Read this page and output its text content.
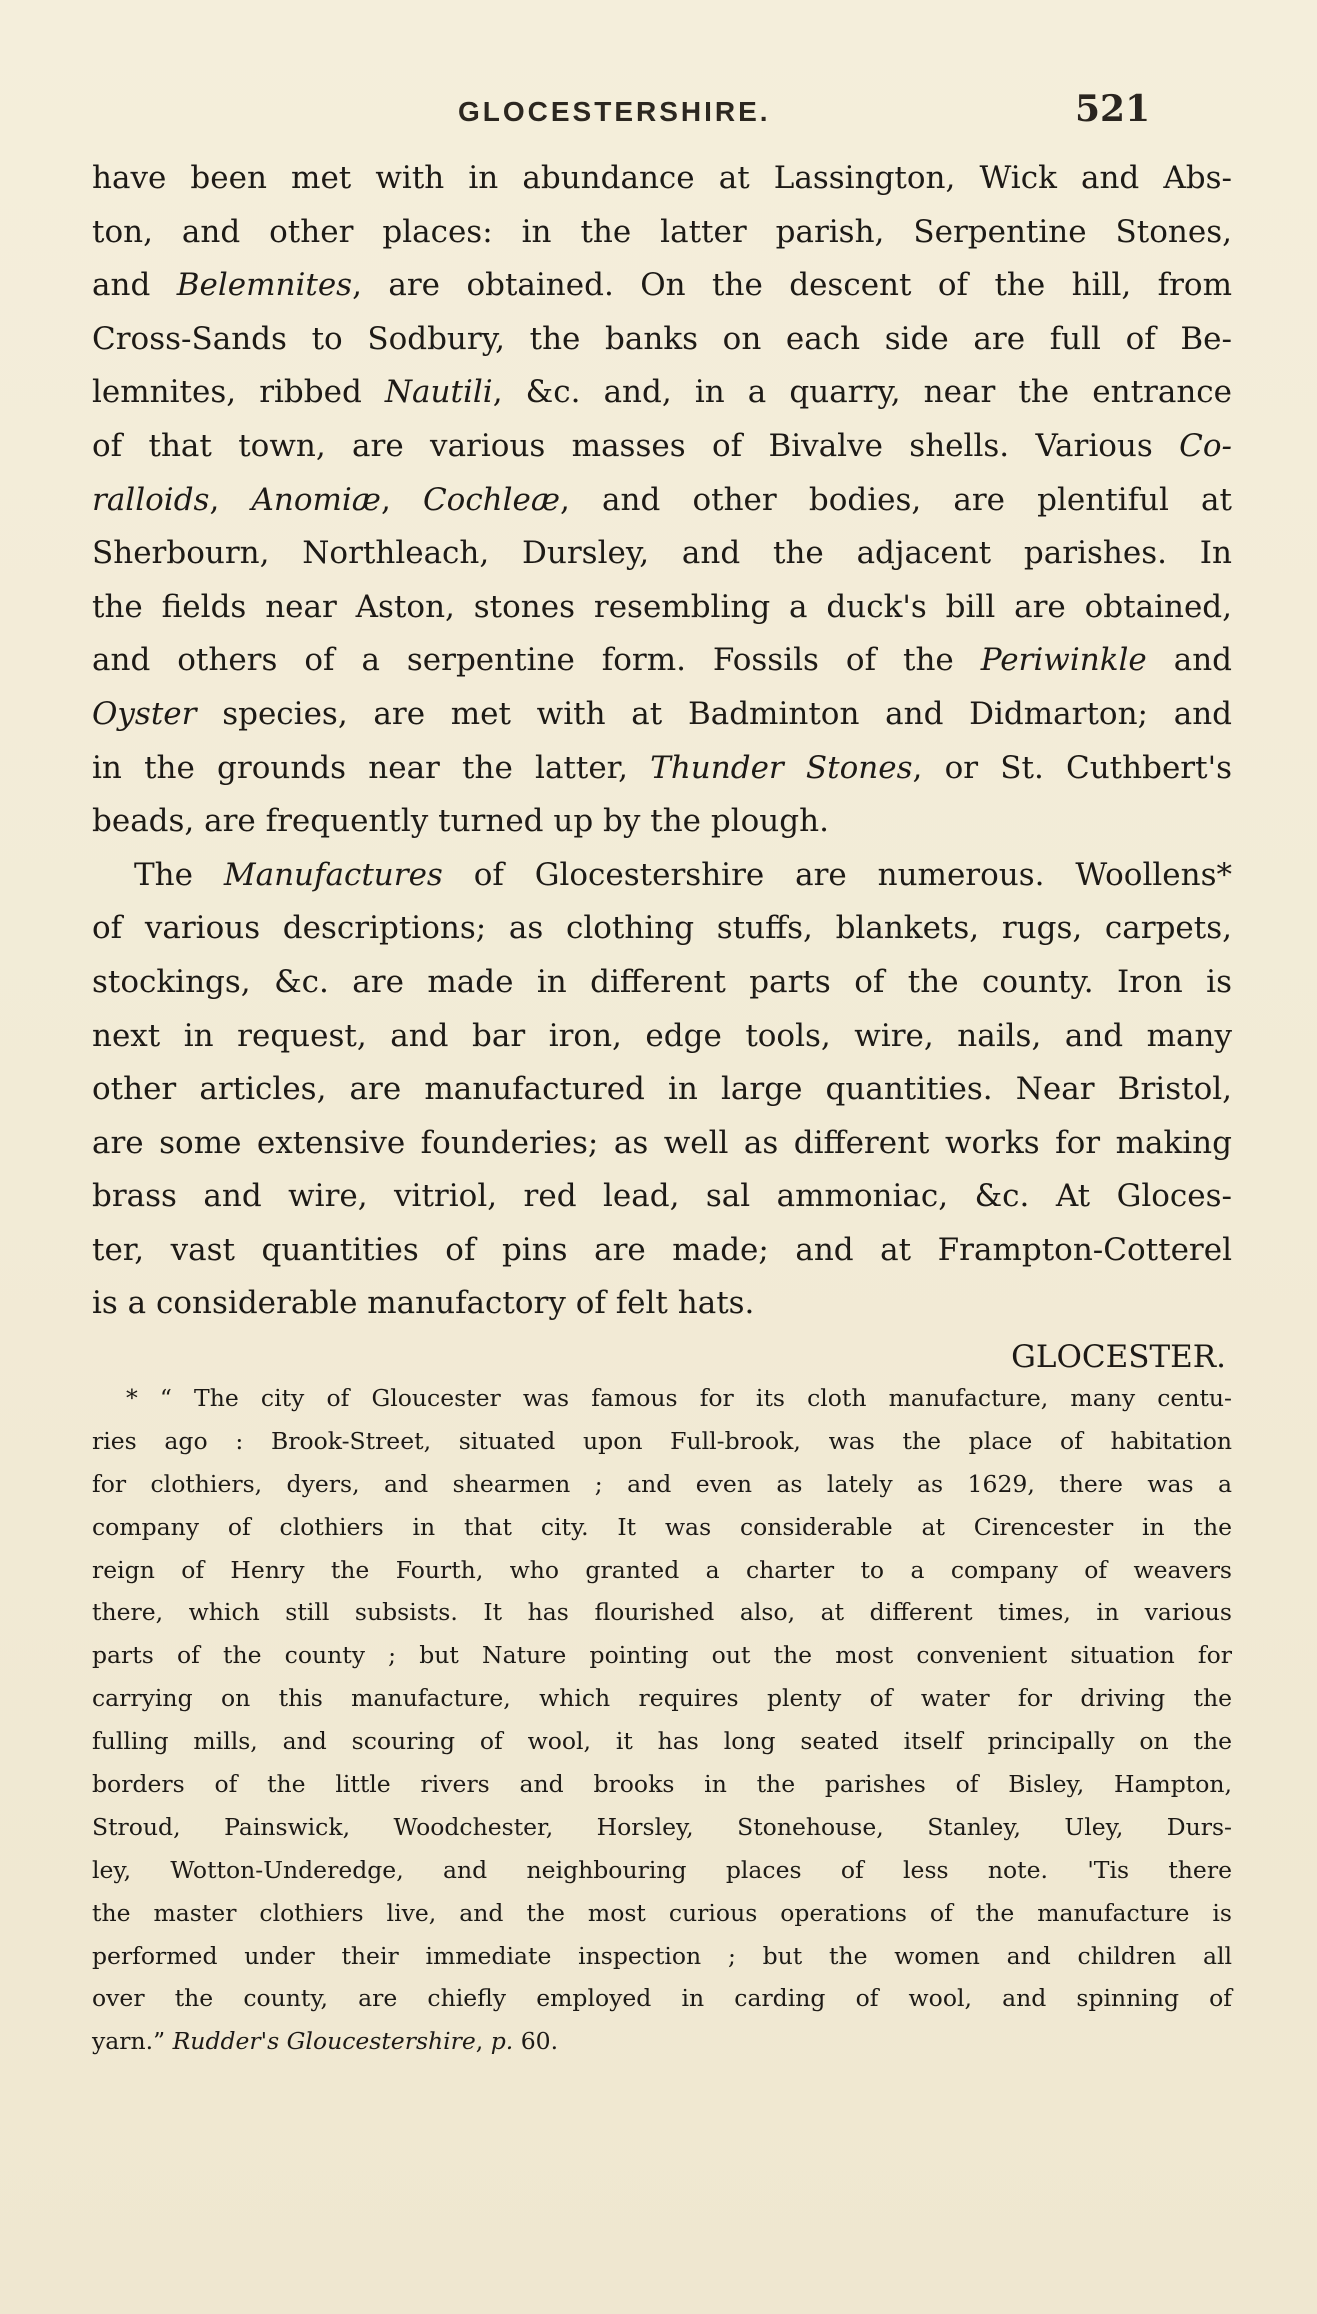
GLOCESTERSHIRE.	521
have been met with in abundance at Lassington, Wick and Abs-
ton, and other places: in the latter parish, Serpentine Stones,
and Belemnites, are obtained. On the descent of the hill, from
Cross-Sands to Sodbury, the banks on each side are full of Be-
lemnites, ribbed Nautili, &c. and, in a quarry, near the entrance
of that town, are various masses of Bivalve shells. Various Co-
ralloids, Anomiæ, Cochleæ, and other bodies, are plentiful at
Sherbourn, Northleach, Dursley, and the adjacent parishes. In
the fields near Aston, stones resembling a duck's bill are obtained,
and others of a serpentine form. Fossils of the Periwinkle and
Oyster species, are met with at Badminton and Didmarton; and
in the grounds near the latter, Thunder Stones, or St. Cuthbert's
beads, are frequently turned up by the plough.
The Manufactures of Glocestershire are numerous. Woollens*
of various descriptions; as clothing stuffs, blankets, rugs, carpets,
stockings, &c. are made in different parts of the county. Iron is
next in request, and bar iron, edge tools, wire, nails, and many
other articles, are manufactured in large quantities. Near Bristol,
are some extensive founderies; as well as different works for making
brass and wire, vitriol, red lead, sal ammoniac, &c. At Gloces-
ter, vast quantities of pins are made; and at Frampton-Cotterel
is a considerable manufactory of felt hats.
GLOCESTER.
* “ The city of Gloucester was famous for its cloth manufacture, many centu-
ries ago : Brook-Street, situated upon Full-brook, was the place of habitation
for clothiers, dyers, and shearmen ; and even as lately as 1629, there was a
company of clothiers in that city. It was considerable at Cirencester in the
reign of Henry the Fourth, who granted a charter to a company of weavers
there, which still subsists. It has flourished also, at different times, in various
parts of the county ; but Nature pointing out the most convenient situation for
carrying on this manufacture, which requires plenty of water for driving the
fulling mills, and scouring of wool, it has long seated itself principally on the
borders of the little rivers and brooks in the parishes of Bisley, Hampton,
Stroud, Painswick, Woodchester, Horsley, Stonehouse, Stanley, Uley, Durs-
ley, Wotton-Underedge, and neighbouring places of less note. 'Tis there
the master clothiers live, and the most curious operations of the manufacture is
performed under their immediate inspection ; but the women and children all
over the county, are chiefly employed in carding of wool, and spinning of
yarn.” Rudder's Gloucestershire, p. 60.
